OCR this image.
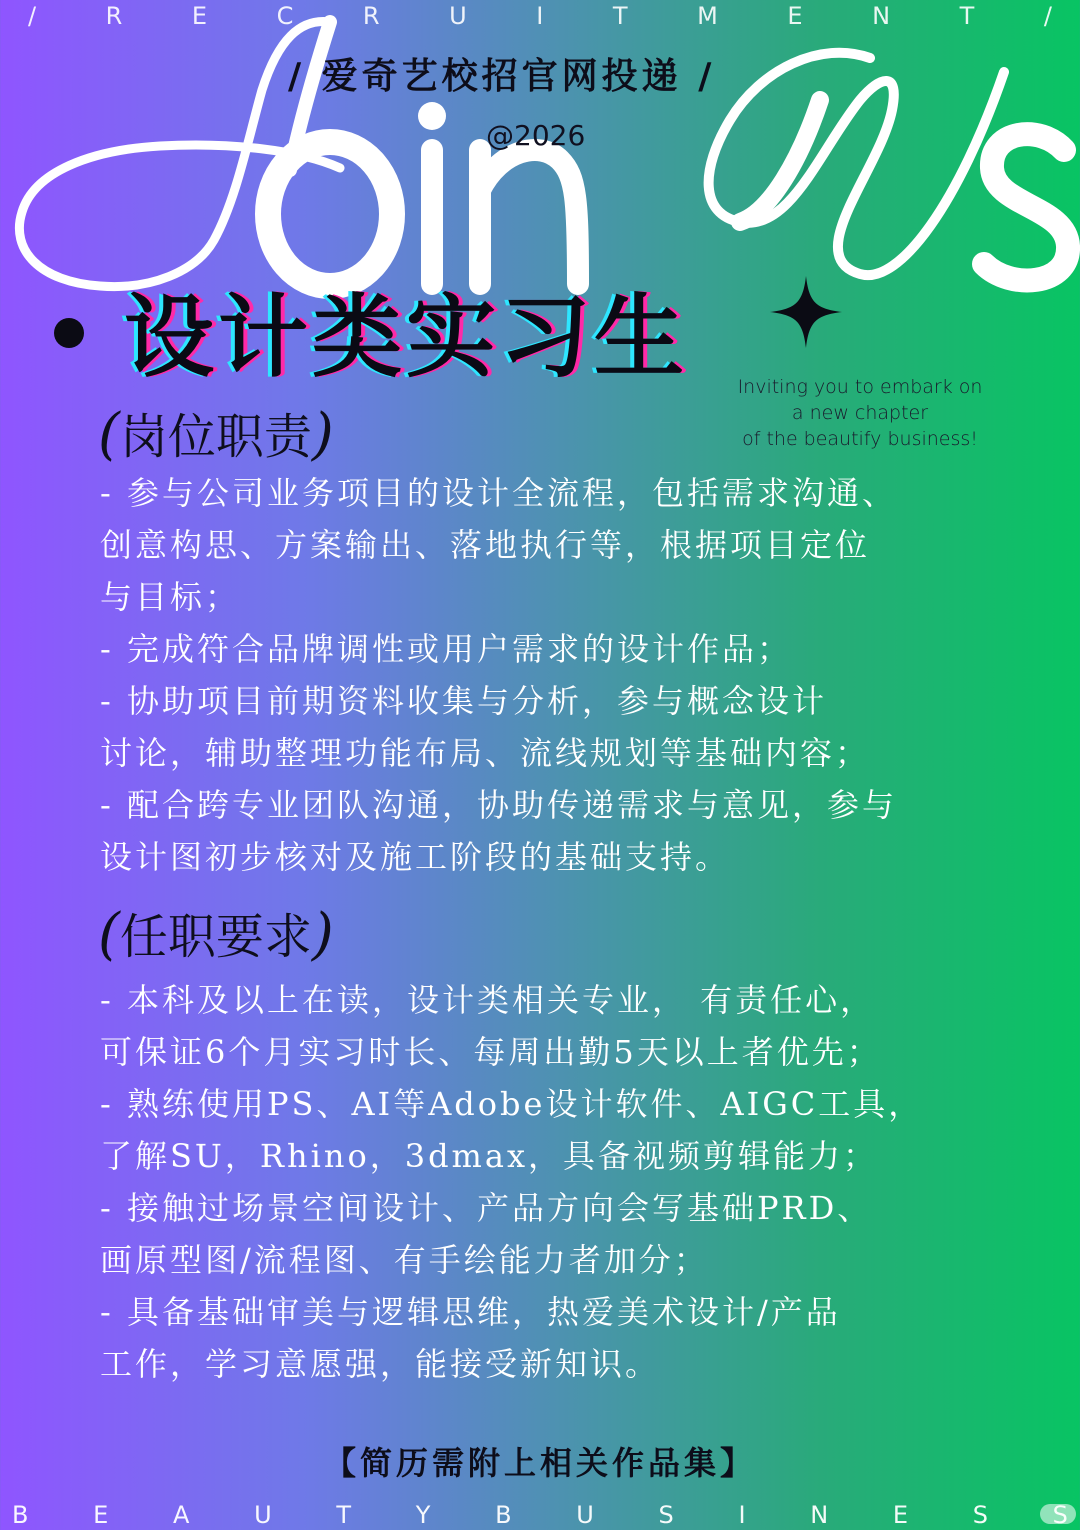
/	R	E	C	R	U	I	T	M	E	N	T	/
/ 爱奇艺校招官网投递 /
@2026
设计类实习生	Inviting you to embark on
a new chapter
of the beautify business!
(岗位职责)
- 参与公司业务项目的设计全流程，包括需求沟通、
创意构思、方案输出、落地执行等，根据项目定位
与目标；
- 完成符合品牌调性或用户需求的设计作品；
- 协助项目前期资料收集与分析，参与概念设计
讨论，辅助整理功能布局、流线规划等基础内容；
- 配合跨专业团队沟通，协助传递需求与意见，参与
设计图初步核对及施工阶段的基础支持。
(任职要求)
- 本科及以上在读，设计类相关专业， 有责任心，
可保证6个月实习时长、每周出勤5天以上者优先；
- 熟练使用PS、AI等Adobe设计软件、AIGC工具，
了解SU，Rhino，3dmax，具备视频剪辑能力；
- 接触过场景空间设计、产品方向会写基础PRD、
画原型图/流程图、有手绘能力者加分；
- 具备基础审美与逻辑思维，热爱美术设计/产品
工作，学习意愿强，能接受新知识。
【简历需附上相关作品集】
B	E	A	U	T	Y	B	U	S	I	N	E	S
